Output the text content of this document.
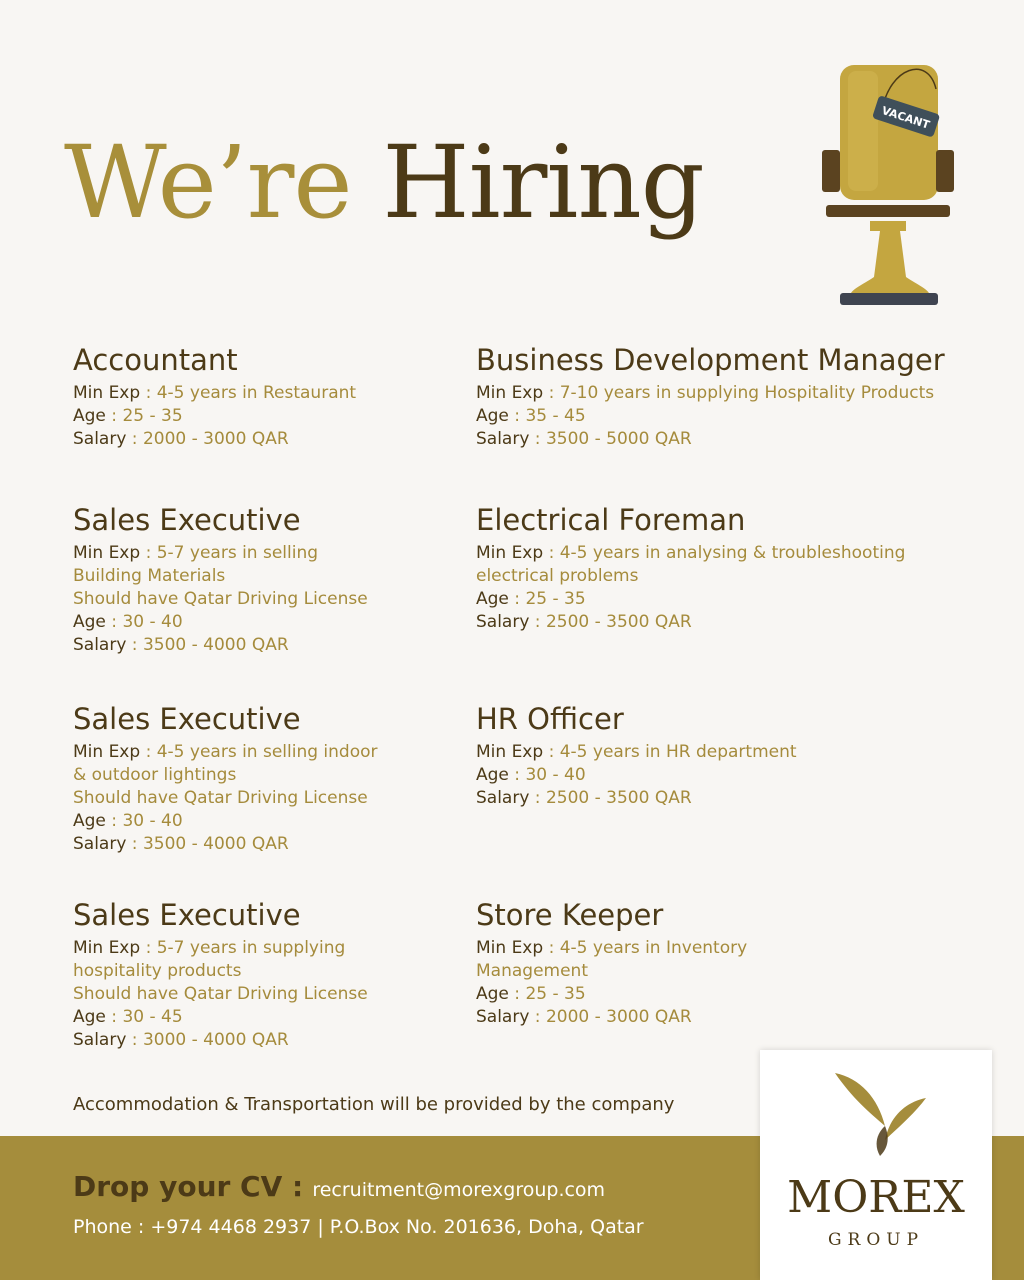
We’re Hiring
VACANT
Accountant
Min Exp : 4-5 years in Restaurant
Age : 25 - 35
Salary : 2000 - 3000 QAR
Business Development Manager
Min Exp : 7-10 years in supplying Hospitality Products
Age : 35 - 45
Salary : 3500 - 5000 QAR
Sales Executive
Min Exp : 5-7 years in selling
Building Materials
Should have Qatar Driving License
Age : 30 - 40
Salary : 3500 - 4000 QAR
Electrical Foreman
Min Exp : 4-5 years in analysing & troubleshooting
electrical problems
Age : 25 - 35
Salary : 2500 - 3500 QAR
Sales Executive
Min Exp : 4-5 years in selling indoor
& outdoor lightings
Should have Qatar Driving License
Age : 30 - 40
Salary : 3500 - 4000 QAR
HR Officer
Min Exp : 4-5 years in HR department
Age : 30 - 40
Salary : 2500 - 3500 QAR
Sales Executive
Min Exp : 5-7 years in supplying
hospitality products
Should have Qatar Driving License
Age : 30 - 45
Salary : 3000 - 4000 QAR
Store Keeper
Min Exp : 4-5 years in Inventory
Management
Age : 25 - 35
Salary : 2000 - 3000 QAR
Accommodation & Transportation will be provided by the company
Drop your CV : recruitment@morexgroup.com
Phone : +974 4468 2937 | P.O.Box No. 201636, Doha, Qatar
MOREX
GROUP
